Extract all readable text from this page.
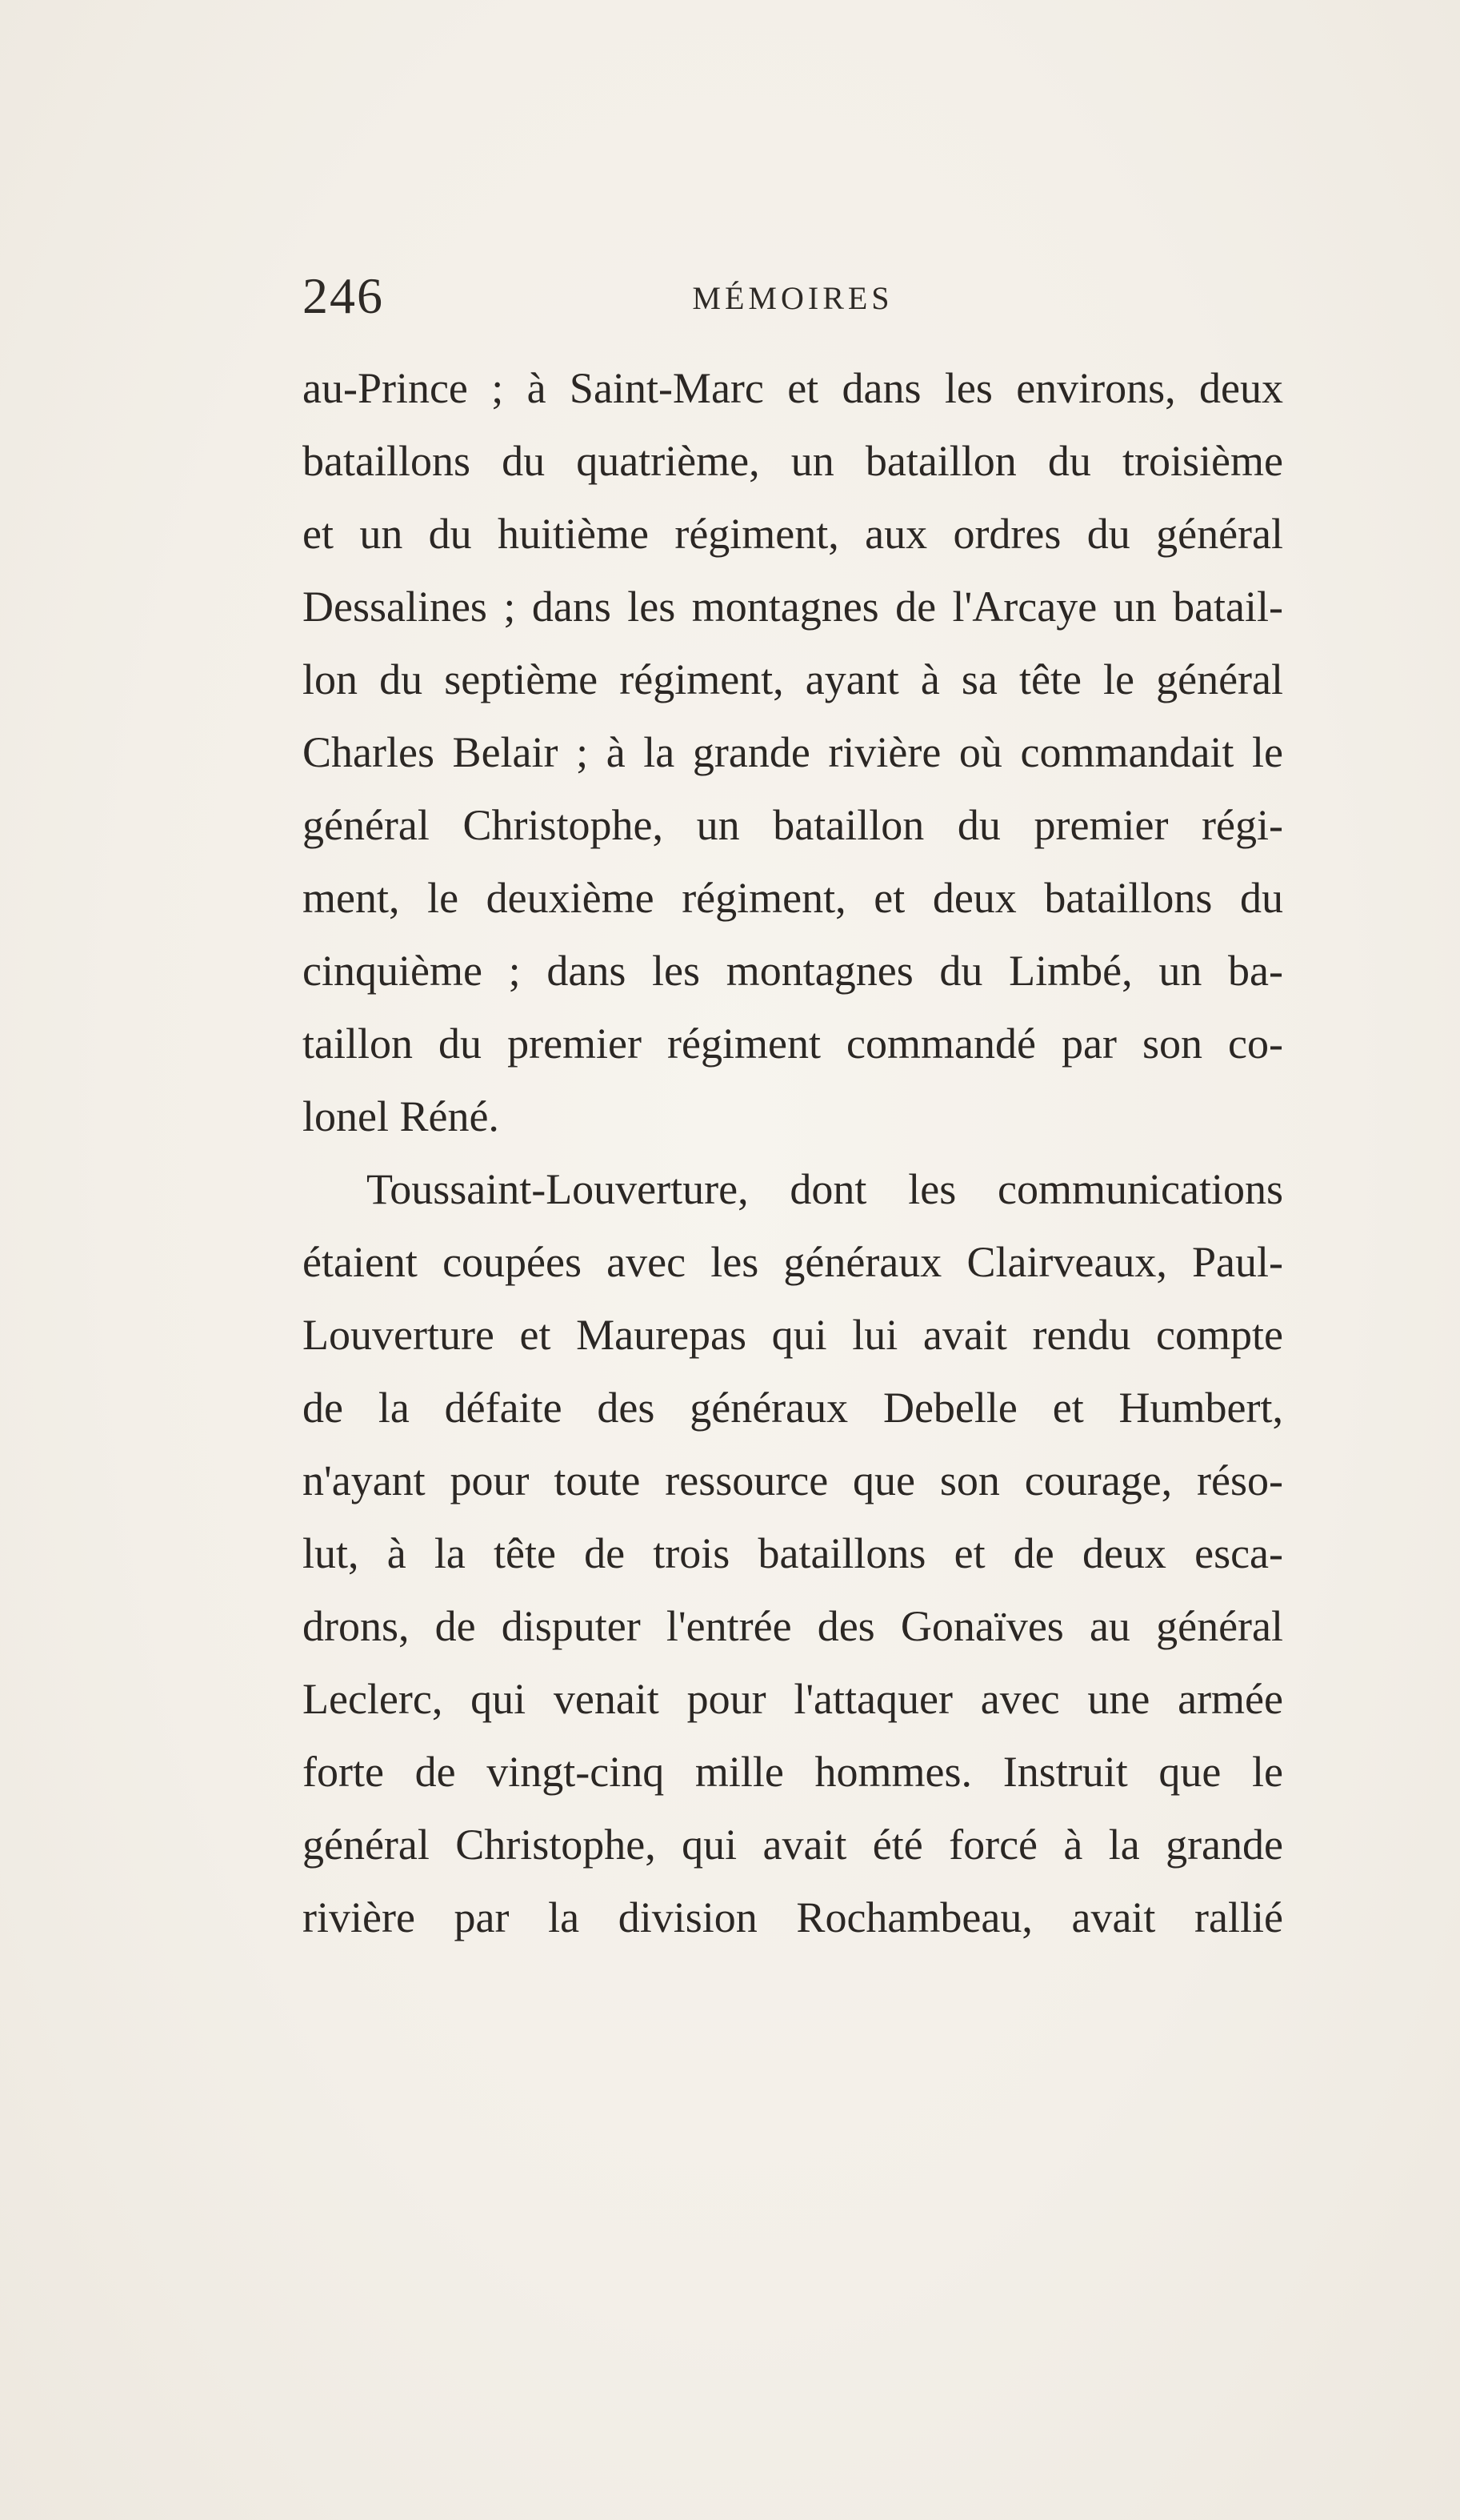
246	MÉMOIRES
au-Prince ; à Saint-Marc et dans les environs, deux
bataillons du quatrième, un bataillon du troisième
et un du huitième régiment, aux ordres du général
Dessalines ; dans les montagnes de l'Arcaye un batail-
lon du septième régiment, ayant à sa tête le général
Charles Belair ; à la grande rivière où commandait le
général Christophe, un bataillon du premier régi-
ment, le deuxième régiment, et deux bataillons du
cinquième ; dans les montagnes du Limbé, un ba-
taillon du premier régiment commandé par son co-
lonel Réné.
Toussaint-Louverture, dont les communications
étaient coupées avec les généraux Clairveaux, Paul-
Louverture et Maurepas qui lui avait rendu compte
de la défaite des généraux Debelle et Humbert,
n'ayant pour toute ressource que son courage, réso-
lut, à la tête de trois bataillons et de deux esca-
drons, de disputer l'entrée des Gonaïves au général
Leclerc, qui venait pour l'attaquer avec une armée
forte de vingt-cinq mille hommes. Instruit que le
général Christophe, qui avait été forcé à la grande
rivière par la division Rochambeau, avait rallié
